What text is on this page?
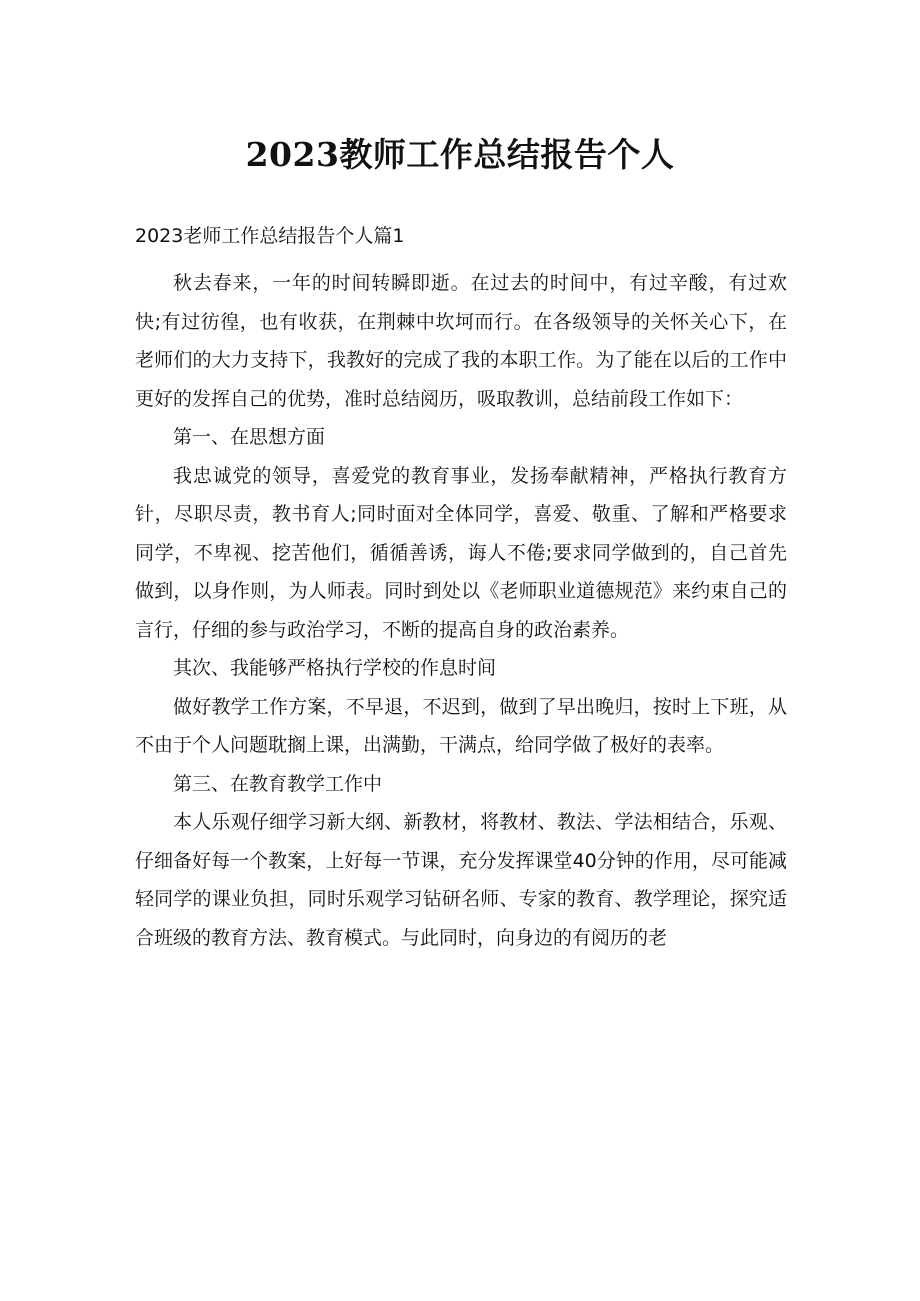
2023教师工作总结报告个人
2023老师工作总结报告个人篇1

秋去春来，一年的时间转瞬即逝。在过去的时间中，有过辛酸，有过欢快;有过彷徨，也有收获，在荆棘中坎坷而行。在各级领导的关怀关心下，在老师们的大力支持下，我教好的完成了我的本职工作。为了能在以后的工作中更好的发挥自己的优势，准时总结阅历，吸取教训，总结前段工作如下：

第一、在思想方面

我忠诚党的领导，喜爱党的教育事业，发扬奉献精神，严格执行教育方针，尽职尽责，教书育人;同时面对全体同学，喜爱、敬重、了解和严格要求同学，不卑视、挖苦他们，循循善诱，诲人不倦;要求同学做到的，自己首先做到，以身作则，为人师表。同时到处以《老师职业道德规范》来约束自己的言行，仔细的参与政治学习，不断的提高自身的政治素养。

其次、我能够严格执行学校的作息时间

做好教学工作方案，不早退，不迟到，做到了早出晚归，按时上下班，从不由于个人问题耽搁上课，出满勤，干满点，给同学做了极好的表率。

第三、在教育教学工作中

本人乐观仔细学习新大纲、新教材，将教材、教法、学法相结合，乐观、仔细备好每一个教案，上好每一节课，充分发挥课堂40分钟的作用，尽可能减轻同学的课业负担，同时乐观学习钻研名师、专家的教育、教学理论，探究适合班级的教育方法、教育模式。与此同时，向身边的有阅历的老
